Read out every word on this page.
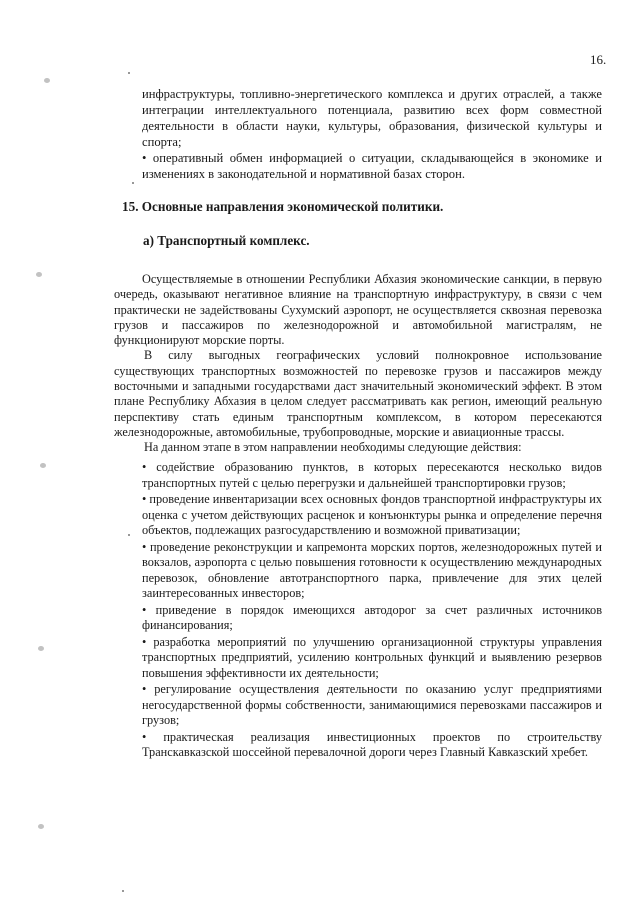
16.

инфраструктуры, топливно-энергетического комплекса и других отраслей, а также интеграции интеллектуального потенциала, развитию всех форм совместной деятельности в области науки, культуры, образования, физической культуры и спорта;

• оперативный обмен информацией о ситуации, складывающейся в экономике и изменениях в законодательной и нормативной базах сторон.

15. Основные направления экономической политики.
а) Транспортный комплекс.

Осуществляемые в отношении Республики Абхазия экономические санкции, в первую очередь, оказывают негативное влияние на транспортную инфраструктуру, в связи с чем практически не задействованы Сухумский аэропорт, не осуществляется сквозная перевозка грузов и пассажиров по железнодорожной и автомобильной магистралям, не функционируют морские порты.

В силу выгодных географических условий полнокровное использование существующих транспортных возможностей по перевозке грузов и пассажиров между восточными и западными государствами даст значительный экономический эффект. В этом плане Республику Абхазия в целом следует рассматривать как регион, имеющий реальную перспективу стать единым транспортным комплексом, в котором пересекаются железнодорожные, автомобильные, трубопроводные, морские и авиационные трассы.

На данном этапе в этом направлении необходимы следующие действия:

• содействие образованию пунктов, в которых пересекаются несколько видов транспортных путей с целью перегрузки и дальнейшей транспортировки грузов;

• проведение инвентаризации всех основных фондов транспортной инфраструктуры их оценка с учетом действующих расценок и конъюнктуры рынка и определение перечня объектов, подлежащих разгосударствлению и возможной приватизации;

• проведение реконструкции и капремонта морских портов, железнодорожных путей и вокзалов, аэропорта с целью повышения готовности к осуществлению международных перевозок, обновление автотранспортного парка, привлечение для этих целей заинтересованных инвесторов;

• приведение в порядок имеющихся автодорог за счет различных источников финансирования;

• разработка мероприятий по улучшению организационной структуры управления транспортных предприятий, усилению контрольных функций и выявлению резервов повышения эффективности их деятельности;

• регулирование осуществления деятельности по оказанию услуг предприятиями негосударственной формы собственности, занимающимися перевозками пассажиров и грузов;

• практическая реализация инвестиционных проектов по строительству Транскавказской шоссейной перевалочной дороги через Главный Кавказский хребет.
